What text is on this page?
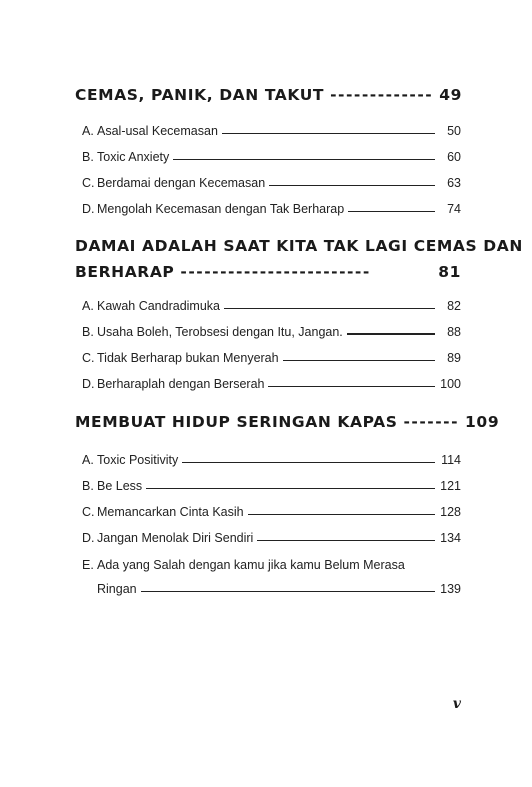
CEMAS, PANIK, DAN TAKUT ------------- 49
A. Asal-usal Kecemasan	50
B. Toxic Anxiety	60
C. Berdamai dengan Kecemasan	63
D. Mengolah Kecemasan dengan Tak Berharap	74
DAMAI ADALAH SAAT KITA TAK LAGI CEMAS DAN
BERHARAP ------------------------	81
A. Kawah Candradimuka	82
B. Usaha Boleh, Terobsesi dengan Itu, Jangan.	88
C. Tidak Berharap bukan Menyerah	89
D. Berharaplah dengan Berserah	100
MEMBUAT HIDUP SERINGAN KAPAS ------- 109
A. Toxic Positivity	114
B. Be Less	121
C. Memancarkan Cinta Kasih	128
D. Jangan Menolak Diri Sendiri	134
E. Ada yang Salah dengan kamu jika kamu Belum Merasa
Ringan	139
v
